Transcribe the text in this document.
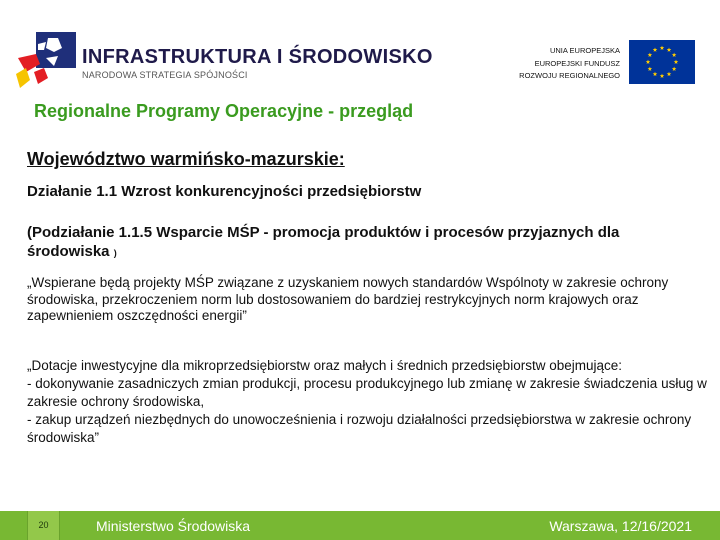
INFRASTRUKTURA I ŚRODOWISKO
NARODOWA STRATEGIA SPÓJNOŚCI
UNIA EUROPEJSKA
EUROPEJSKI FUNDUSZ
ROZWOJU REGIONALNEGO
Regionalne Programy Operacyjne - przegląd
Województwo warmińsko-mazurskie:
Działanie 1.1 Wzrost konkurencyjności przedsiębiorstw
(Podziałanie 1.1.5 Wsparcie MŚP - promocja produktów i procesów przyjaznych dla środowiska )
„Wspierane będą projekty MŚP związane z uzyskaniem nowych standardów Wspólnoty w zakresie ochrony środowiska, przekroczeniem norm lub dostosowaniem do bardziej restrykcyjnych norm krajowych oraz zapewnieniem oszczędności energii”
„Dotacje inwestycyjne dla mikroprzedsiębiorstw oraz małych i średnich przedsiębiorstw obejmujące:
- dokonywanie zasadniczych zmian produkcji, procesu produkcyjnego lub zmianę w zakresie świadczenia usług w zakresie ochrony środowiska,
- zakup urządzeń niezbędnych do unowocześnienia i rozwoju działalności przedsiębiorstwa w zakresie ochrony środowiska”
20	Ministerstwo Środowiska	Warszawa, 12/16/2021
